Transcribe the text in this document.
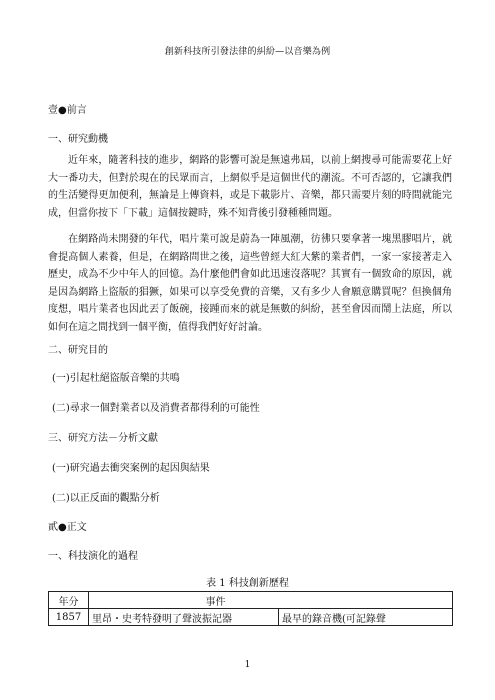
創新科技所引發法律的糾紛—以音樂為例
壹●前言
一、研究動機
近年來，隨著科技的進步，網路的影響可說是無遠弗屆，以前上網搜尋可能需要花上好大一番功夫，但對於現在的民眾而言，上網似乎是這個世代的潮流。不可否認的，它讓我們的生活變得更加便利，無論是上傳資料，或是下載影片、音樂，都只需要片刻的時間就能完成，但當你按下「下載」這個按鍵時，殊不知背後引發種種問題。
在網路尚未開發的年代，唱片業可說是蔚為一陣風潮，彷彿只要拿著一塊黑膠唱片，就會提高個人素養，但是，在網路問世之後，這些曾經大紅大紫的業者們，一家一家接著走入歷史，成為不少中年人的回憶。為什麼他們會如此迅速沒落呢？其實有一個致命的原因，就是因為網路上盜版的猖獗，如果可以享受免費的音樂，又有多少人會願意購買呢？但換個角度想，唱片業者也因此丟了飯碗，接踵而來的就是無數的糾紛，甚至會因而鬧上法庭，所以如何在這之間找到一個平衡，值得我們好好討論。
二、研究目的
(一)引起杜絕盜版音樂的共鳴
(二)尋求一個對業者以及消費者都得利的可能性
三、研究方法－分析文獻
(一)研究過去衝突案例的起因與結果
(二)以正反面的觀點分析
貳●正文
一、科技演化的過程
表 1 科技創新歷程
年分	事件	
1857	里昂・史考特發明了聲波振記器	最早的錄音機(可記錄聲
1
